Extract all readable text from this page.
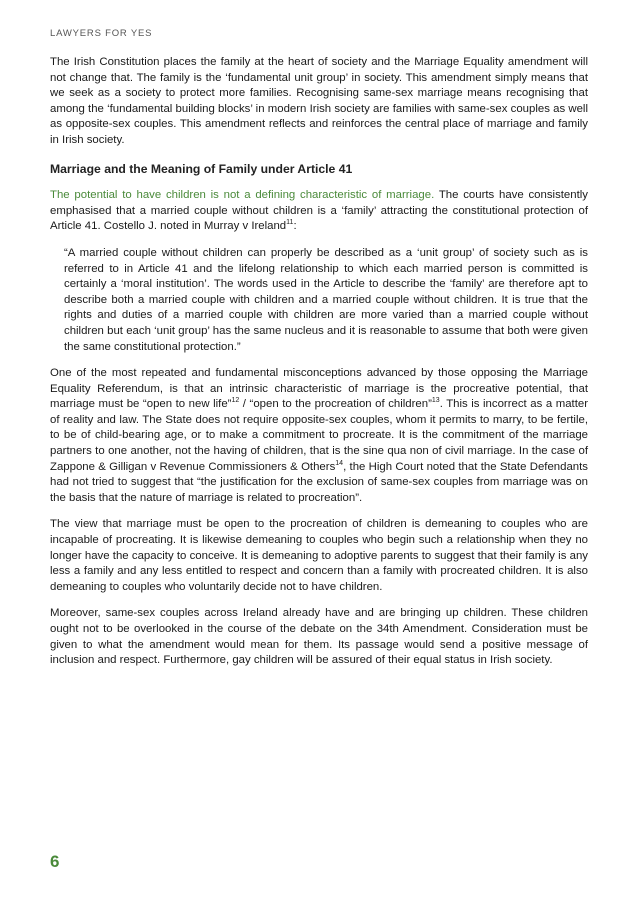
LAWYERS FOR YES

The Irish Constitution places the family at the heart of society and the Marriage Equality amendment will not change that. The family is the ‘fundamental unit group’ in society. This amendment simply means that we seek as a society to protect more families. Recognising same-sex marriage means recognising that among the ‘fundamental building blocks’ in modern Irish society are families with same-sex couples as well as opposite-sex couples. This amendment reflects and reinforces the central place of marriage and family in Irish society.

Marriage and the Meaning of Family under Article 41

The potential to have children is not a defining characteristic of marriage. The courts have consistently emphasised that a married couple without children is a ‘family’ attracting the constitutional protection of Article 41. Costello J. noted in Murray v Ireland$^{11}$:

“A married couple without children can properly be described as a ‘unit group’ of society such as is referred to in Article 41 and the lifelong relationship to which each married person is committed is certainly a ‘moral institution’. The words used in the Article to describe the ‘family’ are therefore apt to describe both a married couple with children and a married couple without children. It is true that the rights and duties of a married couple with children are more varied than a married couple without children but each ‘unit group’ has the same nucleus and it is reasonable to assume that both were given the same constitutional protection.”

One of the most repeated and fundamental misconceptions advanced by those opposing the Marriage Equality Referendum, is that an intrinsic characteristic of marriage is the procreative potential, that marriage must be “open to new life”$^{12}$ / “open to the procreation of children”$^{13}$. This is incorrect as a matter of reality and law. The State does not require opposite-sex couples, whom it permits to marry, to be fertile, to be of child-bearing age, or to make a commitment to procreate. It is the commitment of the marriage partners to one another, not the having of children, that is the sine qua non of civil marriage. In the case of Zappone & Gilligan v Revenue Commissioners & Others$^{14}$, the High Court noted that the State Defendants had not tried to suggest that “the justification for the exclusion of same-sex couples from marriage was on the basis that the nature of marriage is related to procreation”.

The view that marriage must be open to the procreation of children is demeaning to couples who are incapable of procreating. It is likewise demeaning to couples who begin such a relationship when they no longer have the capacity to conceive. It is demeaning to adoptive parents to suggest that their family is any less a family and any less entitled to respect and concern than a family with procreated children. It is also demeaning to couples who voluntarily decide not to have children.

Moreover, same-sex couples across Ireland already have and are bringing up children. These children ought not to be overlooked in the course of the debate on the 34th Amendment. Consideration must be given to what the amendment would mean for them. Its passage would send a positive message of inclusion and respect. Furthermore, gay children will be assured of their equal status in Irish society.

6
